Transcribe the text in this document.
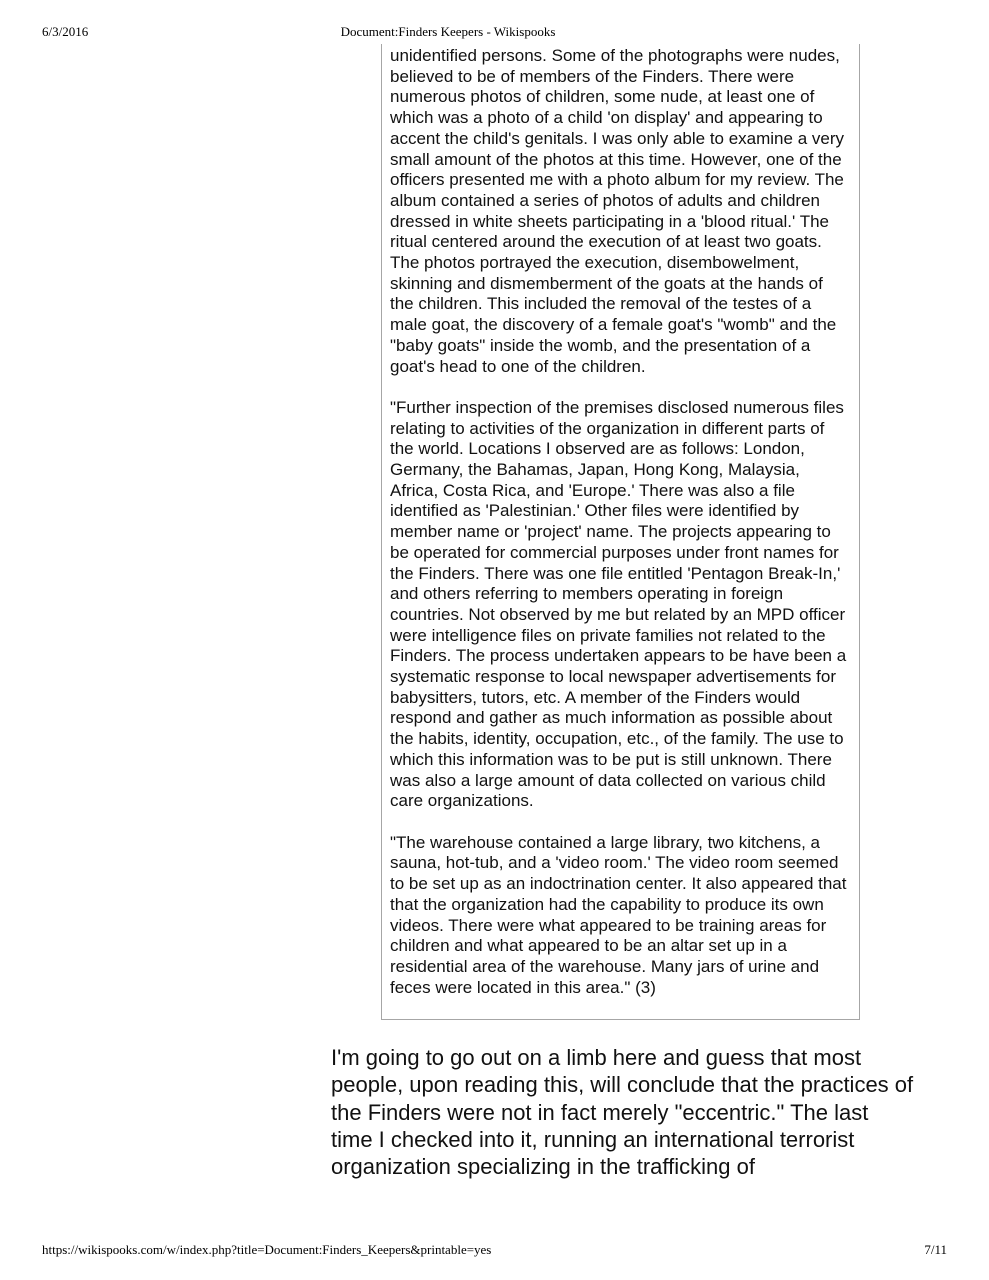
6/3/2016	Document:Finders Keepers - Wikispooks

unidentified persons. Some of the photographs were nudes, believed to be of members of the Finders. There were numerous photos of children, some nude, at least one of which was a photo of a child 'on display' and appearing to accent the child's genitals. I was only able to examine a very small amount of the photos at this time. However, one of the officers presented me with a photo album for my review. The album contained a series of photos of adults and children dressed in white sheets participating in a 'blood ritual.' The ritual centered around the execution of at least two goats. The photos portrayed the execution, disembowelment, skinning and dismemberment of the goats at the hands of the children. This included the removal of the testes of a male goat, the discovery of a female goat's "womb" and the "baby goats" inside the womb, and the presentation of a goat's head to one of the children.

"Further inspection of the premises disclosed numerous files relating to activities of the organization in different parts of the world. Locations I observed are as follows: London, Germany, the Bahamas, Japan, Hong Kong, Malaysia, Africa, Costa Rica, and 'Europe.' There was also a file identified as 'Palestinian.' Other files were identified by member name or 'project' name. The projects appearing to be operated for commercial purposes under front names for the Finders. There was one file entitled 'Pentagon Break-In,' and others referring to members operating in foreign countries. Not observed by me but related by an MPD officer were intelligence files on private families not related to the Finders. The process undertaken appears to be have been a systematic response to local newspaper advertisements for babysitters, tutors, etc. A member of the Finders would respond and gather as much information as possible about the habits, identity, occupation, etc., of the family. The use to which this information was to be put is still unknown. There was also a large amount of data collected on various child care organizations.

"The warehouse contained a large library, two kitchens, a sauna, hot-tub, and a 'video room.' The video room seemed to be set up as an indoctrination center. It also appeared that that the organization had the capability to produce its own videos. There were what appeared to be training areas for children and what appeared to be an altar set up in a residential area of the warehouse. Many jars of urine and feces were located in this area." (3)

I'm going to go out on a limb here and guess that most people, upon reading this, will conclude that the practices of the Finders were not in fact merely "eccentric." The last time I checked into it, running an international terrorist organization specializing in the trafficking of
https://wikispooks.com/w/index.php?title=Document:Finders_Keepers&printable=yes	7/11
